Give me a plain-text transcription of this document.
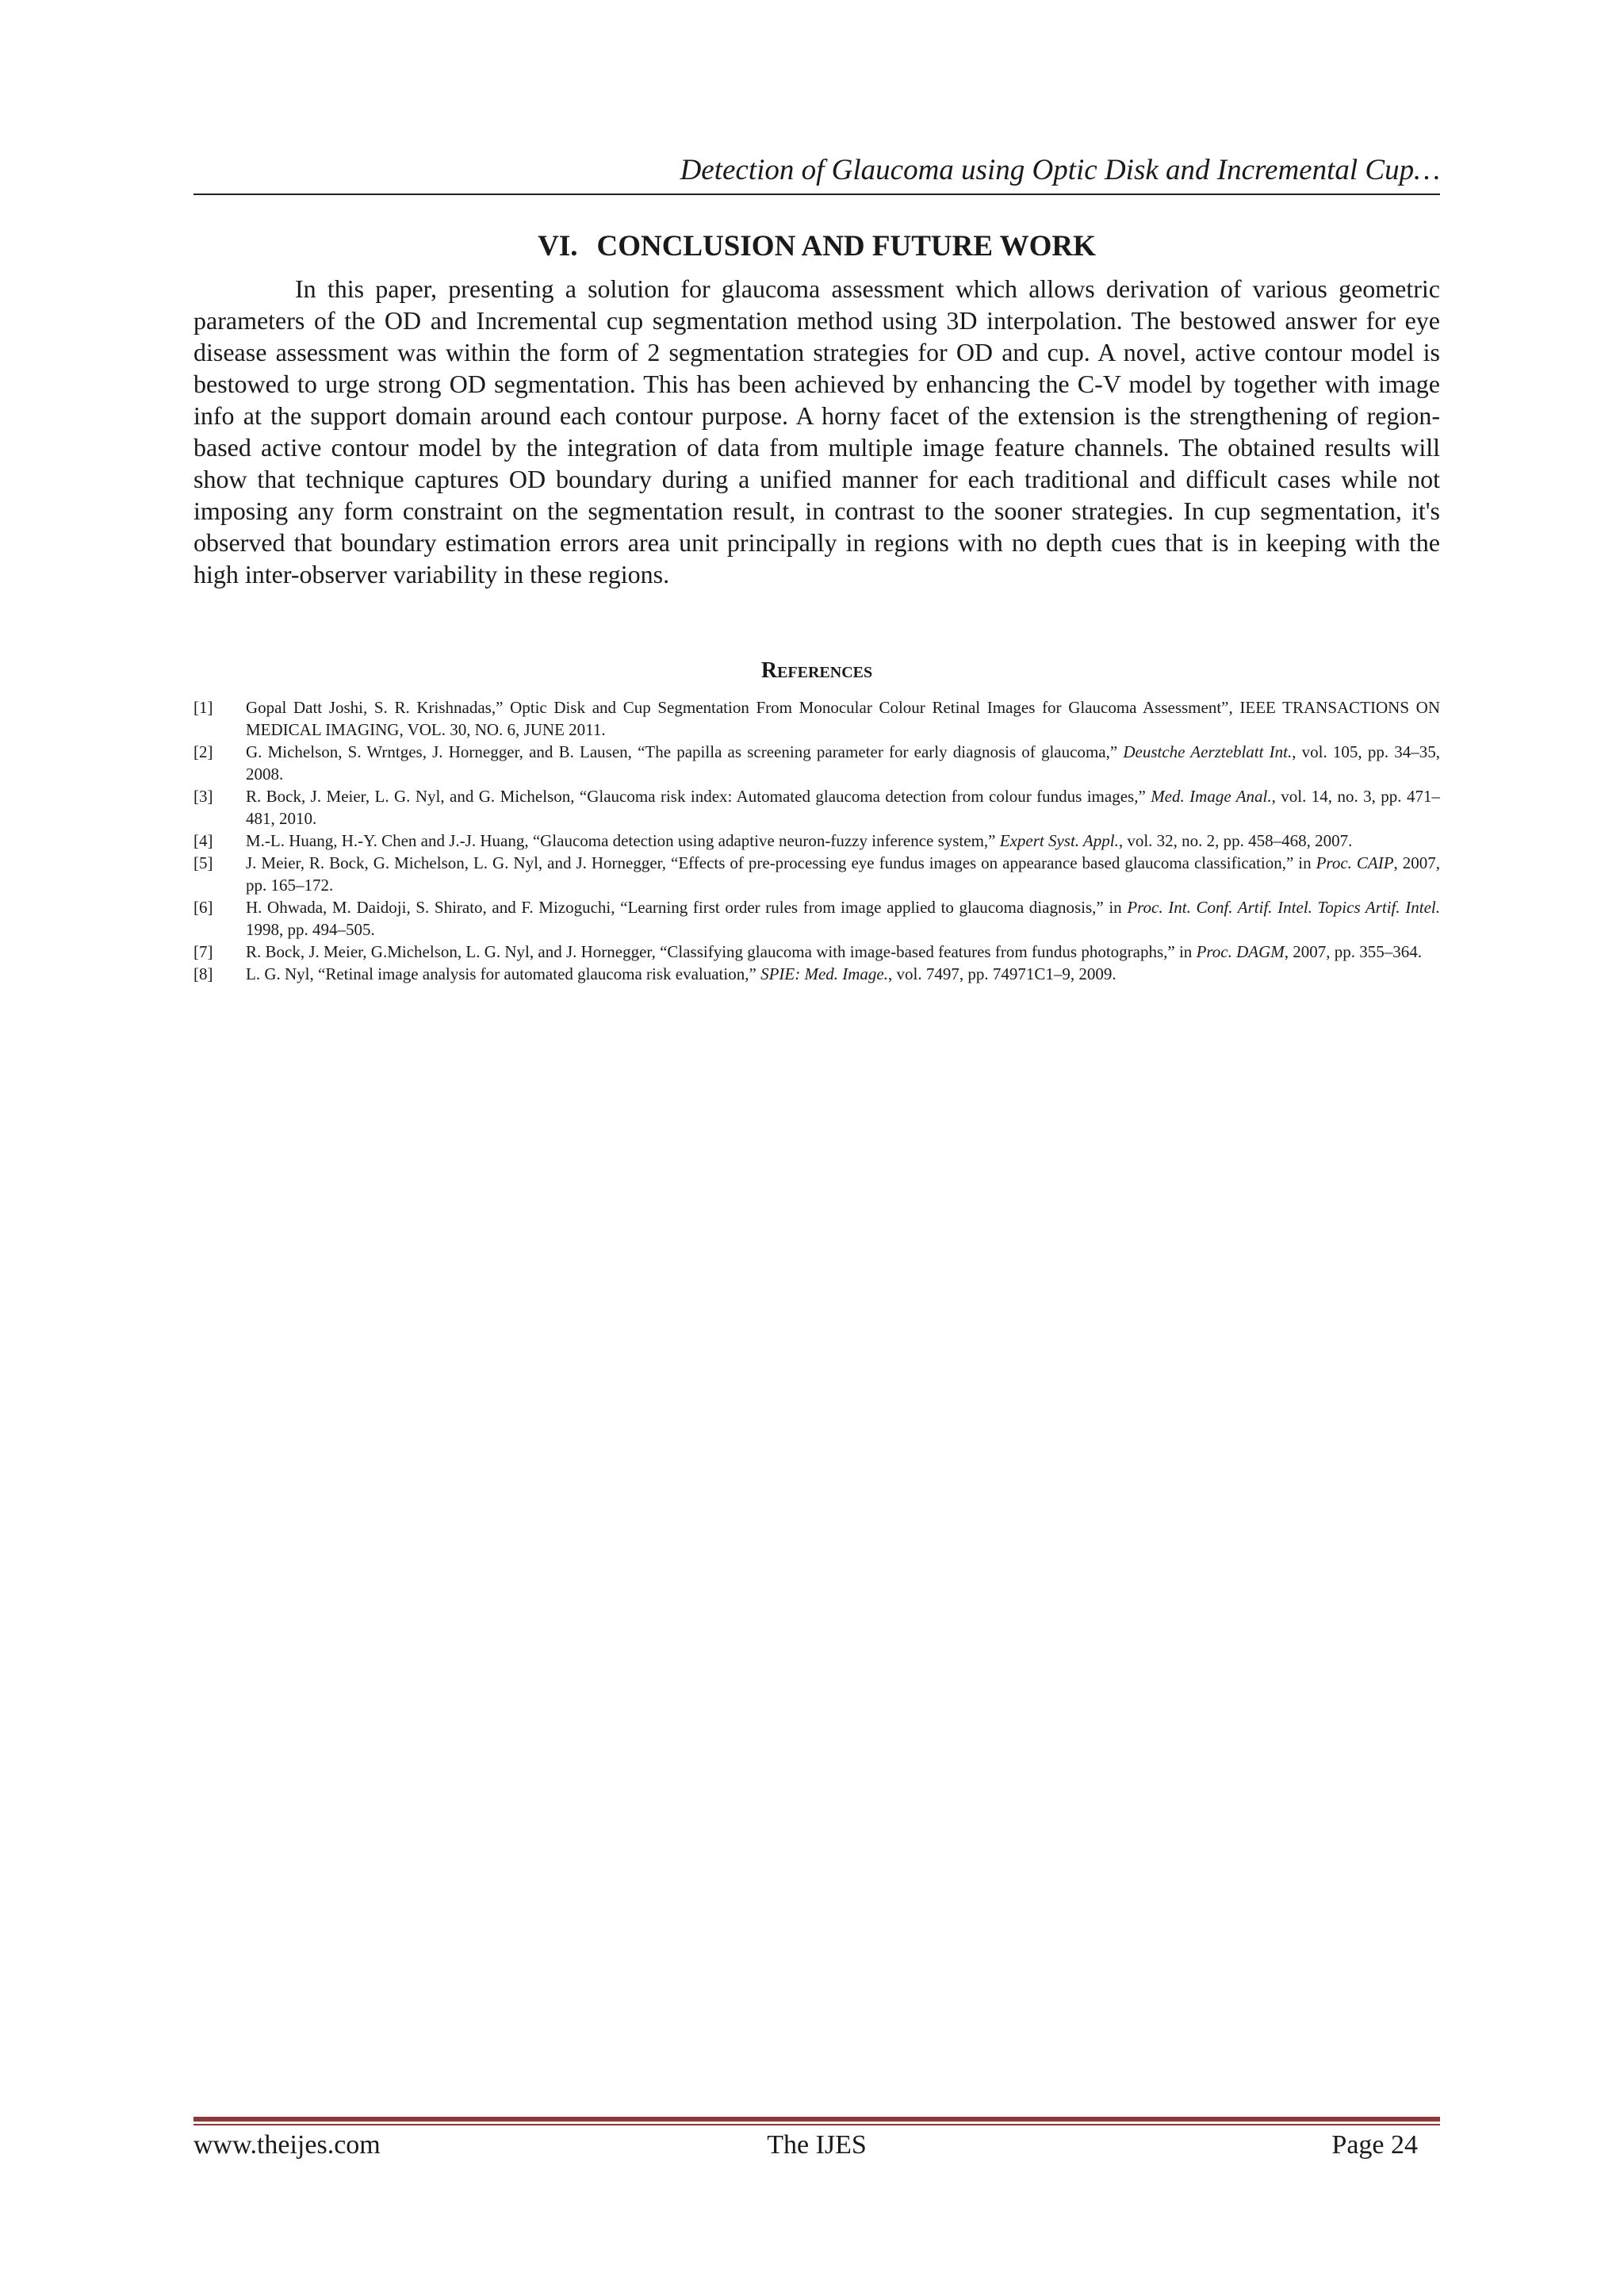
Detection of Glaucoma using Optic Disk and Incremental Cup…
VI. CONCLUSION AND FUTURE WORK

In this paper, presenting a solution for glaucoma assessment which allows derivation of various geometric parameters of the OD and Incremental cup segmentation method using 3D interpolation. The bestowed answer for eye disease assessment was within the form of 2 segmentation strategies for OD and cup. A novel, active contour model is bestowed to urge strong OD segmentation. This has been achieved by enhancing the C-V model by together with image info at the support domain around each contour purpose. A horny facet of the extension is the strengthening of region-based active contour model by the integration of data from multiple image feature channels. The obtained results will show that technique captures OD boundary during a unified manner for each traditional and difficult cases while not imposing any form constraint on the segmentation result, in contrast to the sooner strategies. In cup segmentation, it's observed that boundary estimation errors area unit principally in regions with no depth cues that is in keeping with the high inter-observer variability in these regions.

References
[1]	Gopal Datt Joshi, S. R. Krishnadas,” Optic Disk and Cup Segmentation From Monocular Colour Retinal Images for Glaucoma Assessment”, IEEE TRANSACTIONS ON MEDICAL IMAGING, VOL. 30, NO. 6, JUNE 2011.
[2]	G. Michelson, S. Wrntges, J. Hornegger, and B. Lausen, “The papilla as screening parameter for early diagnosis of glaucoma,” Deustche Aerzteblatt Int., vol. 105, pp. 34–35, 2008.
[3]	R. Bock, J. Meier, L. G. Nyl, and G. Michelson, “Glaucoma risk index: Automated glaucoma detection from colour fundus images,” Med. Image Anal., vol. 14, no. 3, pp. 471–481, 2010.
[4]	M.-L. Huang, H.-Y. Chen and J.-J. Huang, “Glaucoma detection using adaptive neuron-fuzzy inference system,” Expert Syst. Appl., vol. 32, no. 2, pp. 458–468, 2007.
[5]	J. Meier, R. Bock, G. Michelson, L. G. Nyl, and J. Hornegger, “Effects of pre-processing eye fundus images on appearance based glaucoma classification,” in Proc. CAIP, 2007, pp. 165–172.
[6]	H. Ohwada, M. Daidoji, S. Shirato, and F. Mizoguchi, “Learning first order rules from image applied to glaucoma diagnosis,” in Proc. Int. Conf. Artif. Intel. Topics Artif. Intel. 1998, pp. 494–505.
[7]	R. Bock, J. Meier, G.Michelson, L. G. Nyl, and J. Hornegger, “Classifying glaucoma with image-based features from fundus photographs,” in Proc. DAGM, 2007, pp. 355–364.
[8]	L. G. Nyl, “Retinal image analysis for automated glaucoma risk evaluation,” SPIE: Med. Image., vol. 7497, pp. 74971C1–9, 2009.
www.theijes.com	The IJES	Page 24
